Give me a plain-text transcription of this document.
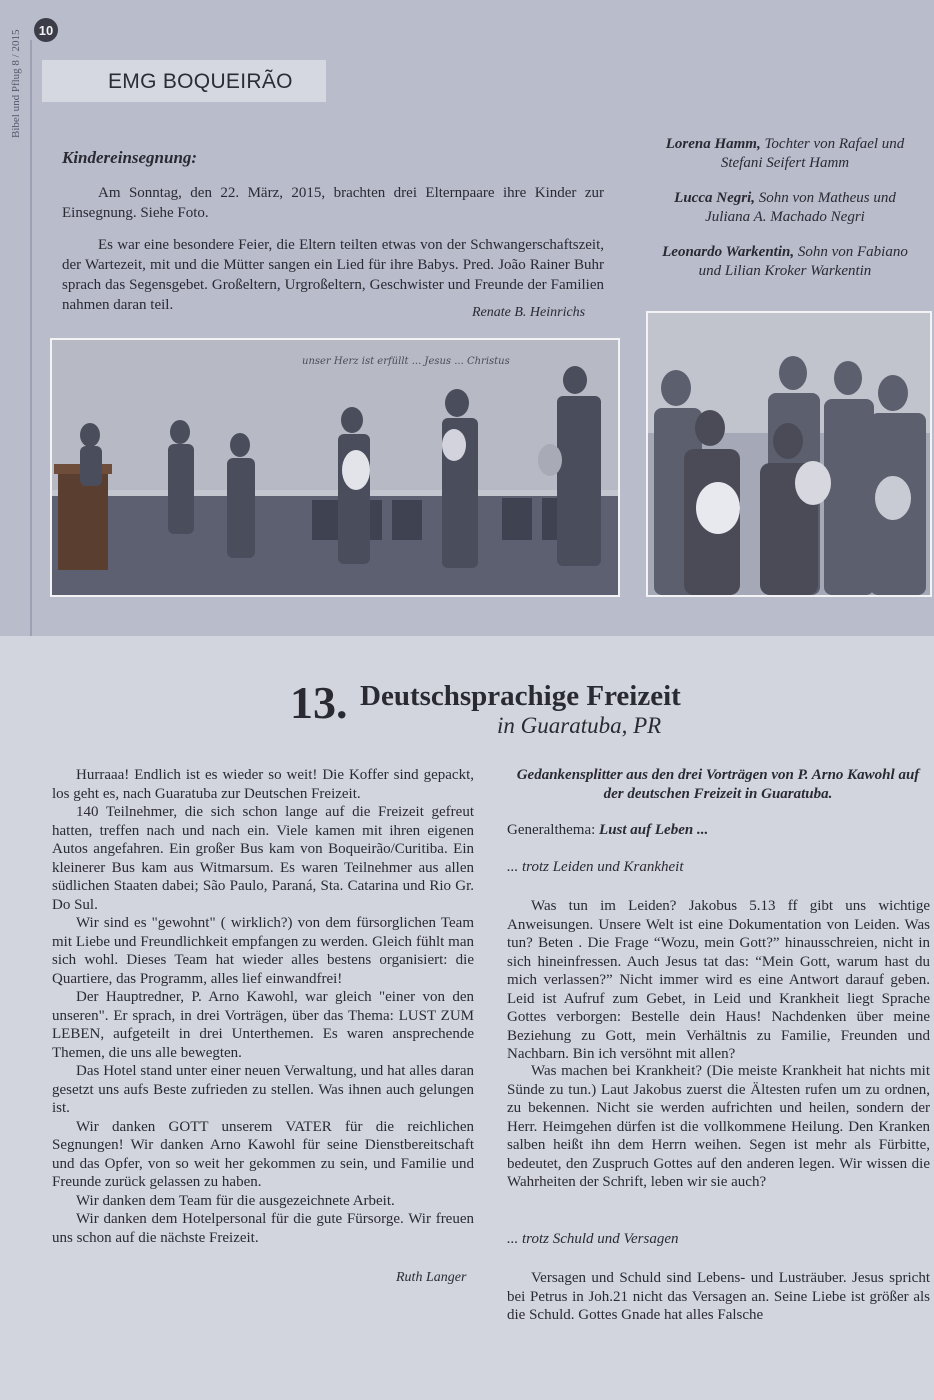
Bibel und Pflug 8 / 2015	10
EMG BOQUEIRÃO
Kindereinsegnung:
Am Sonntag, den 22. März, 2015, brachten drei Elternpaare ihre Kinder zur Einsegnung. Siehe Foto.
Es war eine besondere Feier, die Eltern teilten etwas von der Schwangerschaftszeit, der Wartezeit, mit und die Mütter sangen ein Lied für ihre Babys. Pred. João Rainer Buhr sprach das Segensgebet. Großeltern, Urgroßeltern, Geschwister und Freunde der Familien nahmen daran teil.	Renate B. Heinrichs
Lorena Hamm, Tochter von Rafael und Stefani Seifert Hamm
Lucca Negri, Sohn von Matheus und Juliana A. Machado Negri
Leonardo Warkentin, Sohn von Fabiano und Lilian Kroker Warkentin
unser Herz ist erfüllt ... Jesus ... Christus
13. Deutschsprachige Freizeit
in Guaratuba, PR

Hurraaa! Endlich ist es wieder so weit! Die Koffer sind gepackt, los geht es, nach Guaratuba zur Deutschen Freizeit.

140 Teilnehmer, die sich schon lange auf die Freizeit gefreut hatten, treffen nach und nach ein. Viele kamen mit ihren eigenen Autos angefahren. Ein großer Bus kam von Boqueirão/Curitiba. Ein kleinerer Bus kam aus Witmarsum. Es waren Teilnehmer aus allen südlichen Staaten dabei; São Paulo, Paraná, Sta. Catarina und Rio Gr. Do Sul.

Wir sind es "gewohnt" ( wirklich?) von dem fürsorglichen Team mit Liebe und Freundlichkeit empfangen zu werden. Gleich fühlt man sich wohl. Dieses Team hat wieder alles bestens organisiert: die Quartiere, das Programm, alles lief einwandfrei!

Der Hauptredner, P. Arno Kawohl, war gleich "einer von den unseren". Er sprach, in drei Vorträgen, über das Thema: LUST ZUM LEBEN, aufgeteilt in drei Unterthemen. Es waren ansprechende Themen, die uns alle bewegten.

Das Hotel stand unter einer neuen Verwaltung, und hat alles daran gesetzt uns aufs Beste zufrieden zu stellen. Was ihnen auch gelungen ist.

Wir danken GOTT unserem VATER für die reichlichen Segnungen! Wir danken Arno Kawohl für seine Dienstbereitschaft und das Opfer, von so weit her gekommen zu sein, und Familie und Freunde zurück gelassen zu haben.

Wir danken dem Team für die ausgezeichnete Arbeit.

Wir danken dem Hotelpersonal für die gute Fürsorge. Wir freuen uns schon auf die nächste Freizeit.

Ruth Langer
Gedankensplitter aus den drei Vorträgen von P. Arno Kawohl auf der deutschen Freizeit in Guaratuba.
Generalthema: Lust auf Leben ...
... trotz Leiden und Krankheit

Was tun im Leiden? Jakobus 5.13 ff gibt uns wichtige Anweisungen. Unsere Welt ist eine Dokumentation von Leiden. Was tun? Beten . Die Frage “Wozu, mein Gott?” hinausschreien, nicht in sich hineinfressen. Auch Jesus tat das: “Mein Gott, warum hast du mich verlassen?” Nicht immer wird es eine Antwort darauf geben. Leid ist Aufruf zum Gebet, in Leid und Krankheit liegt Sprache Gottes verborgen: Bestelle dein Haus! Nachdenken über meine Beziehung zu Gott, mein Verhältnis zu Familie, Freunden und Nachbarn. Bin ich versöhnt mit allen?

Was machen bei Krankheit? (Die meiste Krankheit hat nichts mit Sünde zu tun.) Laut Jakobus zuerst die Ältesten rufen um zu ordnen, zu bekennen. Nicht sie werden aufrichten und heilen, sondern der Herr. Heimgehen dürfen ist die vollkommene Heilung. Den Kranken salben heißt ihn dem Herrn weihen. Segen ist mehr als Fürbitte, bedeutet, den Zuspruch Gottes auf den anderen legen. Wir wissen die Wahrheiten der Schrift, leben wir sie auch?

... trotz Schuld und Versagen

Versagen und Schuld sind Lebens- und Lusträuber. Jesus spricht bei Petrus in Joh.21 nicht das Versagen an. Seine Liebe ist größer als die Schuld. Gottes Gnade hat alles Falsche
